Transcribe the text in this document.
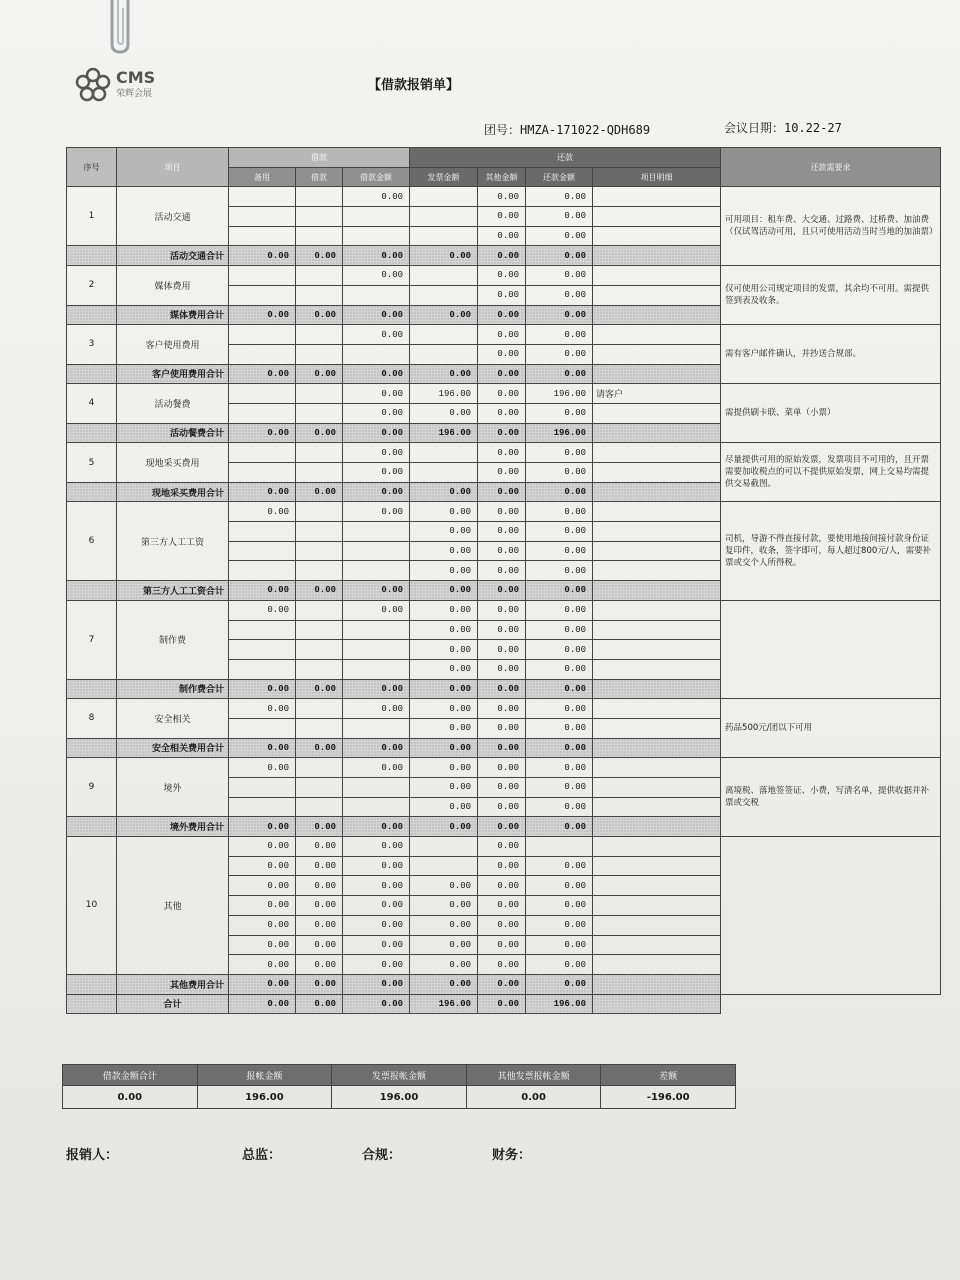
CMS
荣辉会展
【借款报销单】
团号：HMZA-171022-QDH689	会议日期：10.22-27
序号	项目	借款			还款				还款需要求
		备用	借款	借款金额	发票金额	其他金额	还款金额	项目明细	
1	活动交通			0.00		0.00	0.00		可用项目：租车费、大交通、过路费、过桥费、加油费（仅试驾活动可用，且只可使用活动当时当地的加油票）
						0.00	0.00		
						0.00	0.00		
	活动交通合计	0.00	0.00	0.00	0.00	0.00	0.00		
2	媒体费用			0.00		0.00	0.00		仅可使用公司规定项目的发票，其余均不可用。需提供签到表及收条。
						0.00	0.00		
	媒体费用合计	0.00	0.00	0.00	0.00	0.00	0.00		
3	客户使用费用			0.00		0.00	0.00		需有客户邮件确认，并抄送合规部。
						0.00	0.00		
	客户使用费用合计	0.00	0.00	0.00	0.00	0.00	0.00		
4	活动餐费			0.00	196.00	0.00	196.00	请客户	需提供刷卡联、菜单（小票）
				0.00	0.00	0.00	0.00		
	活动餐费合计	0.00	0.00	0.00	196.00	0.00	196.00		
5	现地采买费用			0.00		0.00	0.00		尽量提供可用的原始发票，发票项目不可用的，且开票需要加收税点的可以不提供原始发票，网上交易均需提供交易截图。
				0.00		0.00	0.00		
	现地采买费用合计	0.00	0.00	0.00	0.00	0.00	0.00		
6	第三方人工工资	0.00		0.00	0.00	0.00	0.00		司机，导游不得直接付款，要使用地接间接付款身份证复印件，收条，签字即可，每人超过800元/人，需要补票或交个人所得税。
					0.00	0.00	0.00		
					0.00	0.00	0.00		
					0.00	0.00	0.00		
	第三方人工工资合计	0.00	0.00	0.00	0.00	0.00	0.00		
7	制作费	0.00		0.00	0.00	0.00	0.00		
					0.00	0.00	0.00		
					0.00	0.00	0.00		
					0.00	0.00	0.00		
	制作费合计	0.00	0.00	0.00	0.00	0.00	0.00		
8	安全相关	0.00		0.00	0.00	0.00	0.00		药品500元/团以下可用
					0.00	0.00	0.00		
	安全相关费用合计	0.00	0.00	0.00	0.00	0.00	0.00		
9	境外	0.00		0.00	0.00	0.00	0.00		离境税、落地签签证、小费，写清名单，提供收据并补票或交税
					0.00	0.00	0.00		
					0.00	0.00	0.00		
	境外费用合计	0.00	0.00	0.00	0.00	0.00	0.00		
10	其他	0.00	0.00	0.00		0.00			
		0.00	0.00	0.00		0.00	0.00		
		0.00	0.00	0.00	0.00	0.00	0.00		
		0.00	0.00	0.00	0.00	0.00	0.00		
		0.00	0.00	0.00	0.00	0.00	0.00		
		0.00	0.00	0.00	0.00	0.00	0.00		
		0.00	0.00	0.00	0.00	0.00	0.00		
	其他费用合计	0.00	0.00	0.00	0.00	0.00	0.00		
	合计	0.00	0.00	0.00	196.00	0.00	196.00		
借款金额合计	报帐金额	发票报帐金额	其他发票报帐金额	差额
0.00	196.00	196.00	0.00	-196.00
报销人：	总监：	合规：	财务：
